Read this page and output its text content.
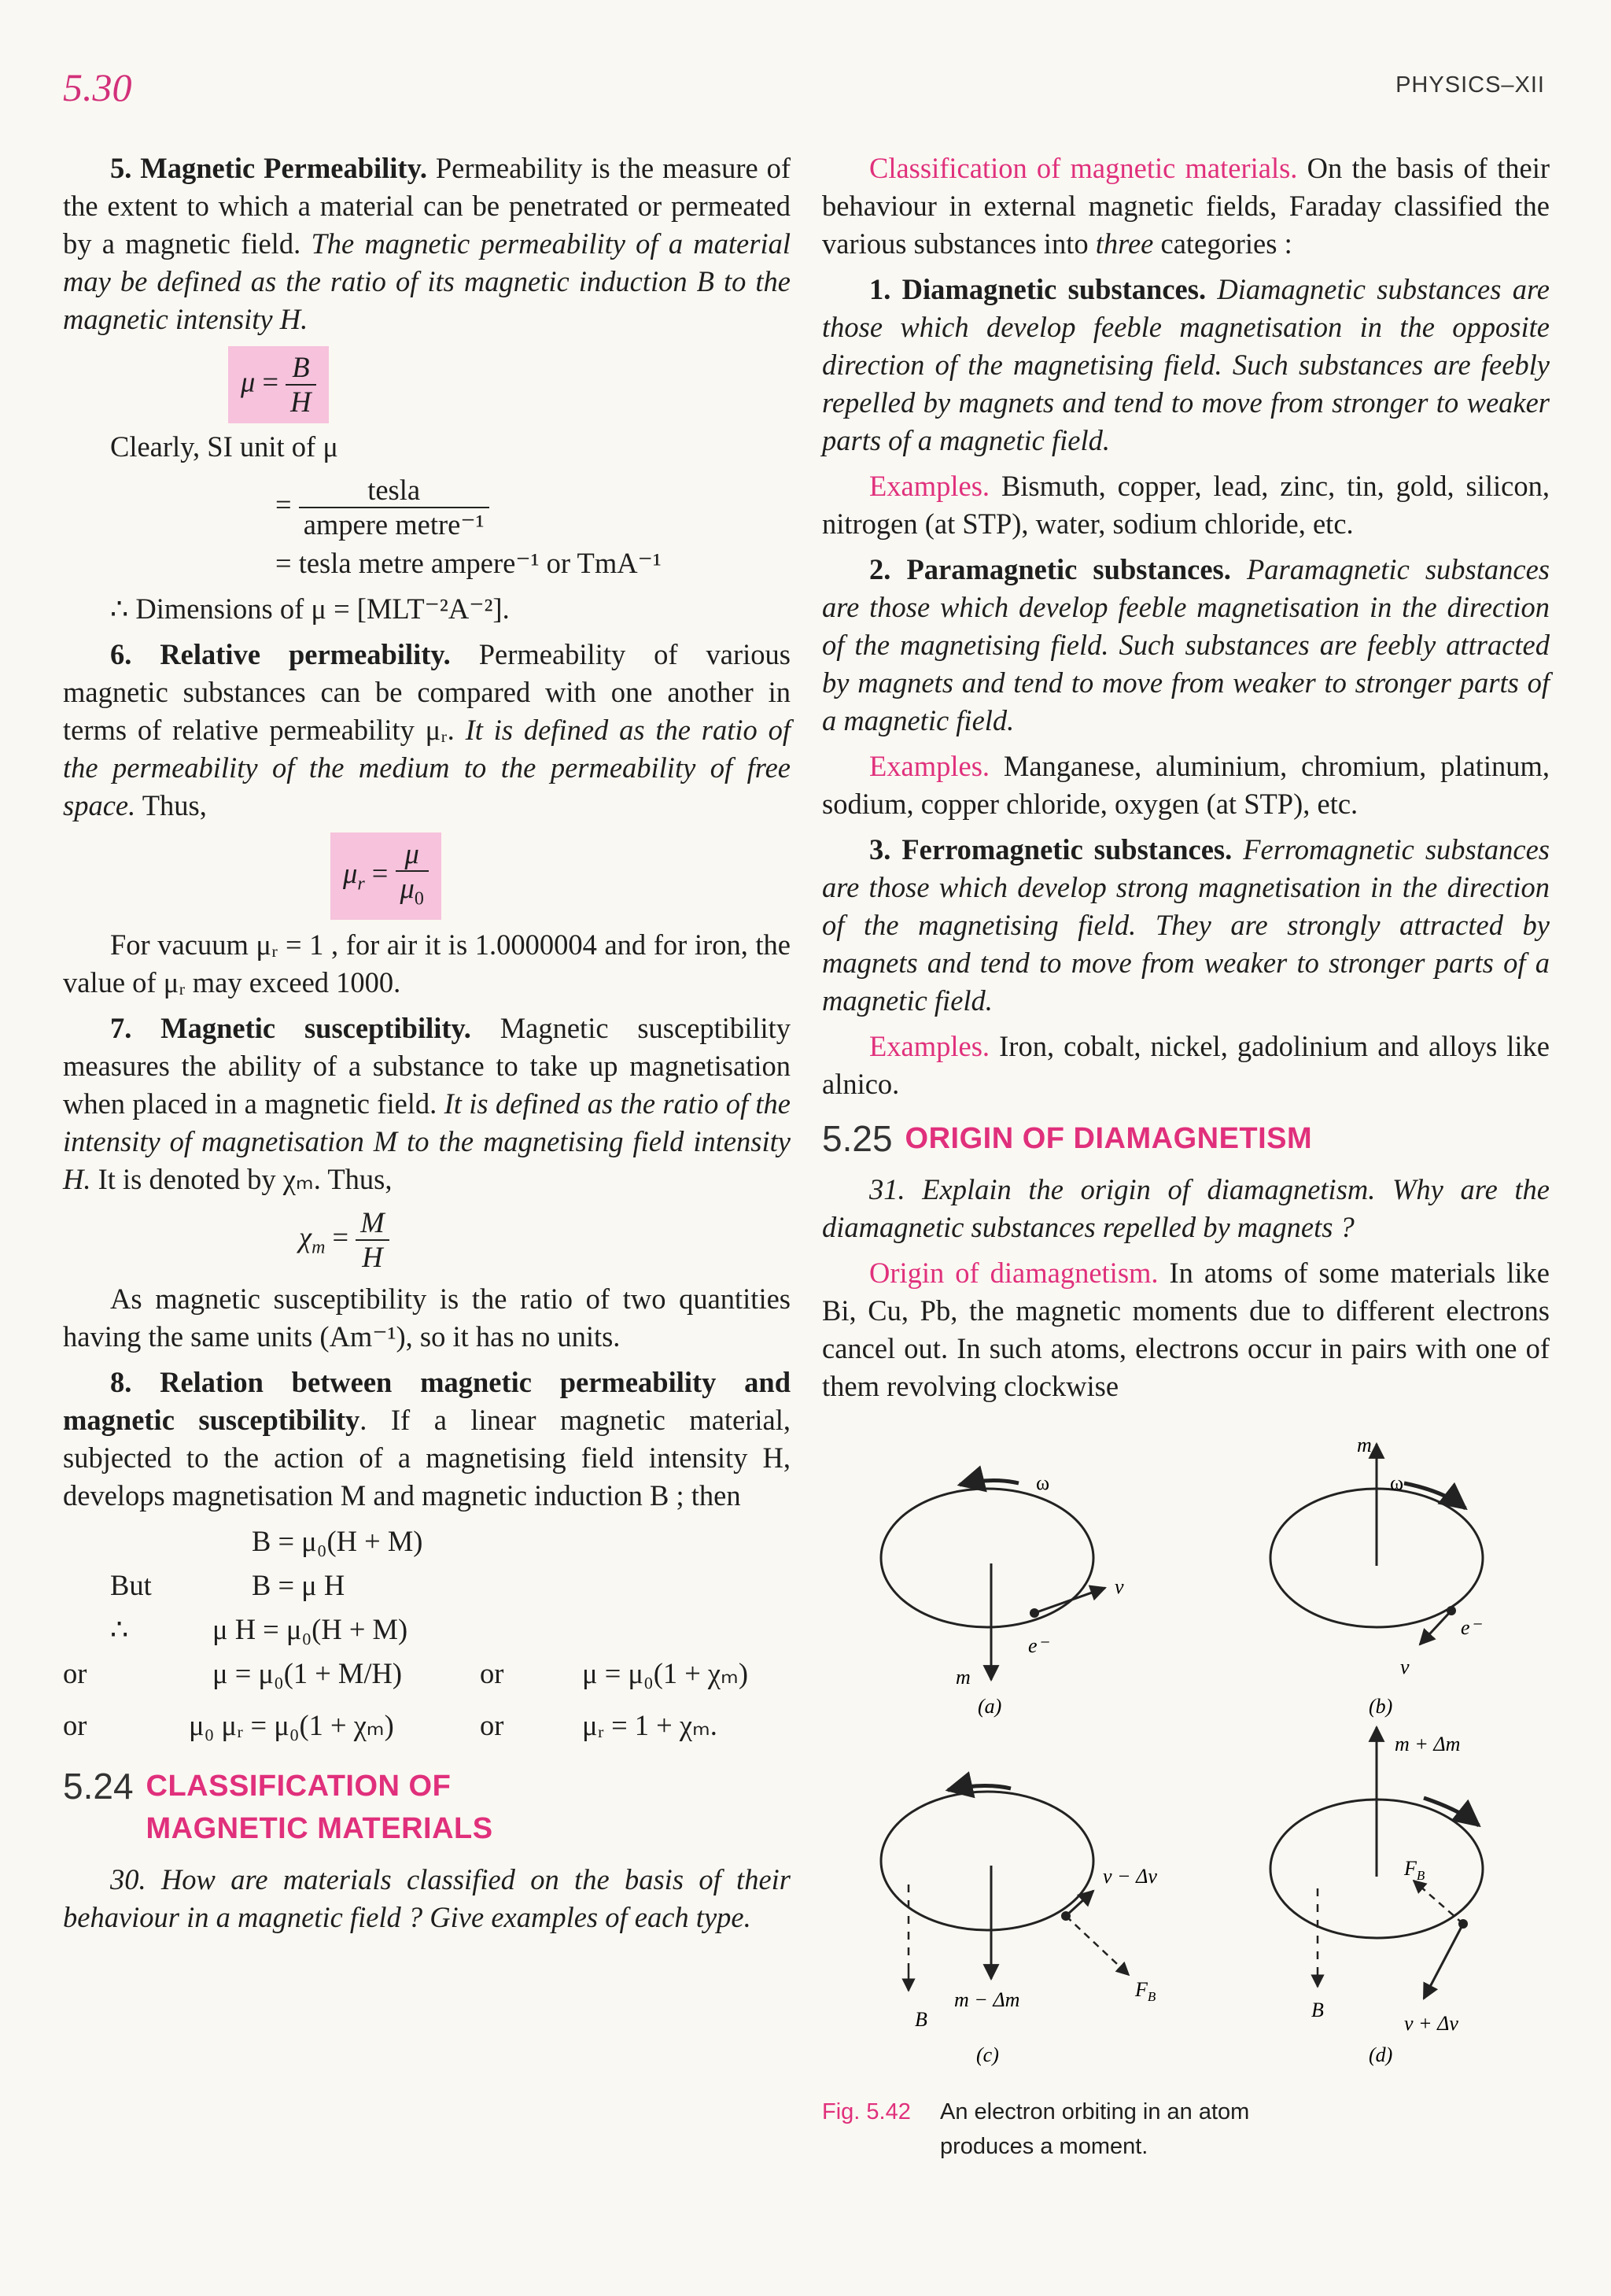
5.30	PHYSICS–XII

5. Magnetic Permeability. Permeability is the measure of the extent to which a material can be penetrated or permeated by a magnetic field. The magnetic permeability of a material may be defined as the ratio of its magnetic induction B to the magnetic intensity H.

$\mu = \frac{B}{H}$

Clearly, SI unit of μ

= $\frac{\text{tesla}}{\text{ampere metre⁻¹}}$

= tesla metre ampere⁻¹ or TmA⁻¹

∴ Dimensions of μ = [MLT⁻²A⁻²].

6. Relative permeability. Permeability of various magnetic substances can be compared with one another in terms of relative permeability μᵣ. It is defined as the ratio of the permeability of the medium to the permeability of free space. Thus,

$\mu_r = \frac{\mu}{\mu_0}$

For vacuum μᵣ = 1 , for air it is 1.0000004 and for iron, the value of μᵣ may exceed 1000.

7. Magnetic susceptibility. Magnetic susceptibility measures the ability of a substance to take up magnetisation when placed in a magnetic field. It is defined as the ratio of the intensity of magnetisation M to the magnetising field intensity H. It is denoted by χₘ. Thus,

$\chi_m = \frac{M}{H}$

As magnetic susceptibility is the ratio of two quantities having the same units (Am⁻¹), so it has no units.

8. Relation between magnetic permeability and magnetic susceptibility. If a linear magnetic material, subjected to the action of a magnetising field intensity H, develops magnetisation M and magnetic induction B ; then

B = μ₀(H + M)
But	B = μ H
∴	μ H = μ₀(H + M)
or	μ = μ₀(1 + M/H)	or	μ = μ₀(1 + χₘ)
or	μ₀ μᵣ = μ₀(1 + χₘ)	or	μᵣ = 1 + χₘ.
5.24 CLASSIFICATION OF
MAGNETIC MATERIALS

30. How are materials classified on the basis of their behaviour in a magnetic field ? Give examples of each type.

Classification of magnetic materials. On the basis of their behaviour in external magnetic fields, Faraday classified the various substances into three categories :

1. Diamagnetic substances. Diamagnetic substances are those which develop feeble magnetisation in the opposite direction of the magnetising field. Such substances are feebly repelled by magnets and tend to move from stronger to weaker parts of a magnetic field.

Examples. Bismuth, copper, lead, zinc, tin, gold, silicon, nitrogen (at STP), water, sodium chloride, etc.

2. Paramagnetic substances. Paramagnetic substances are those which develop feeble magnetisation in the direction of the magnetising field. Such substances are feebly attracted by magnets and tend to move from weaker to stronger parts of a magnetic field.

Examples. Manganese, aluminium, chromium, platinum, sodium, copper chloride, oxygen (at STP), etc.

3. Ferromagnetic substances. Ferromagnetic substances are those which develop strong magnetisation in the direction of the magnetising field. They are strongly attracted by magnets and tend to move from weaker to stronger parts of a magnetic field.

Examples. Iron, cobalt, nickel, gadolinium and alloys like alnico.

5.25 ORIGIN OF DIAMAGNETISM

31. Explain the origin of diamagnetism. Why are the diamagnetic substances repelled by magnets ?

Origin of diamagnetism. In atoms of some materials like Bi, Cu, Pb, the magnetic moments due to different electrons cancel out. In such atoms, electrons occur in pairs with one of them revolving clockwise

ω
m
v
e⁻
(a)
ω
m
v
e⁻
(b)
m − Δm
B
v − Δv
$F_B$
(c)
m + Δm
B
v + Δv
$F_B$
(d)
Fig. 5.42	An electron orbiting in an atom produces a moment.
